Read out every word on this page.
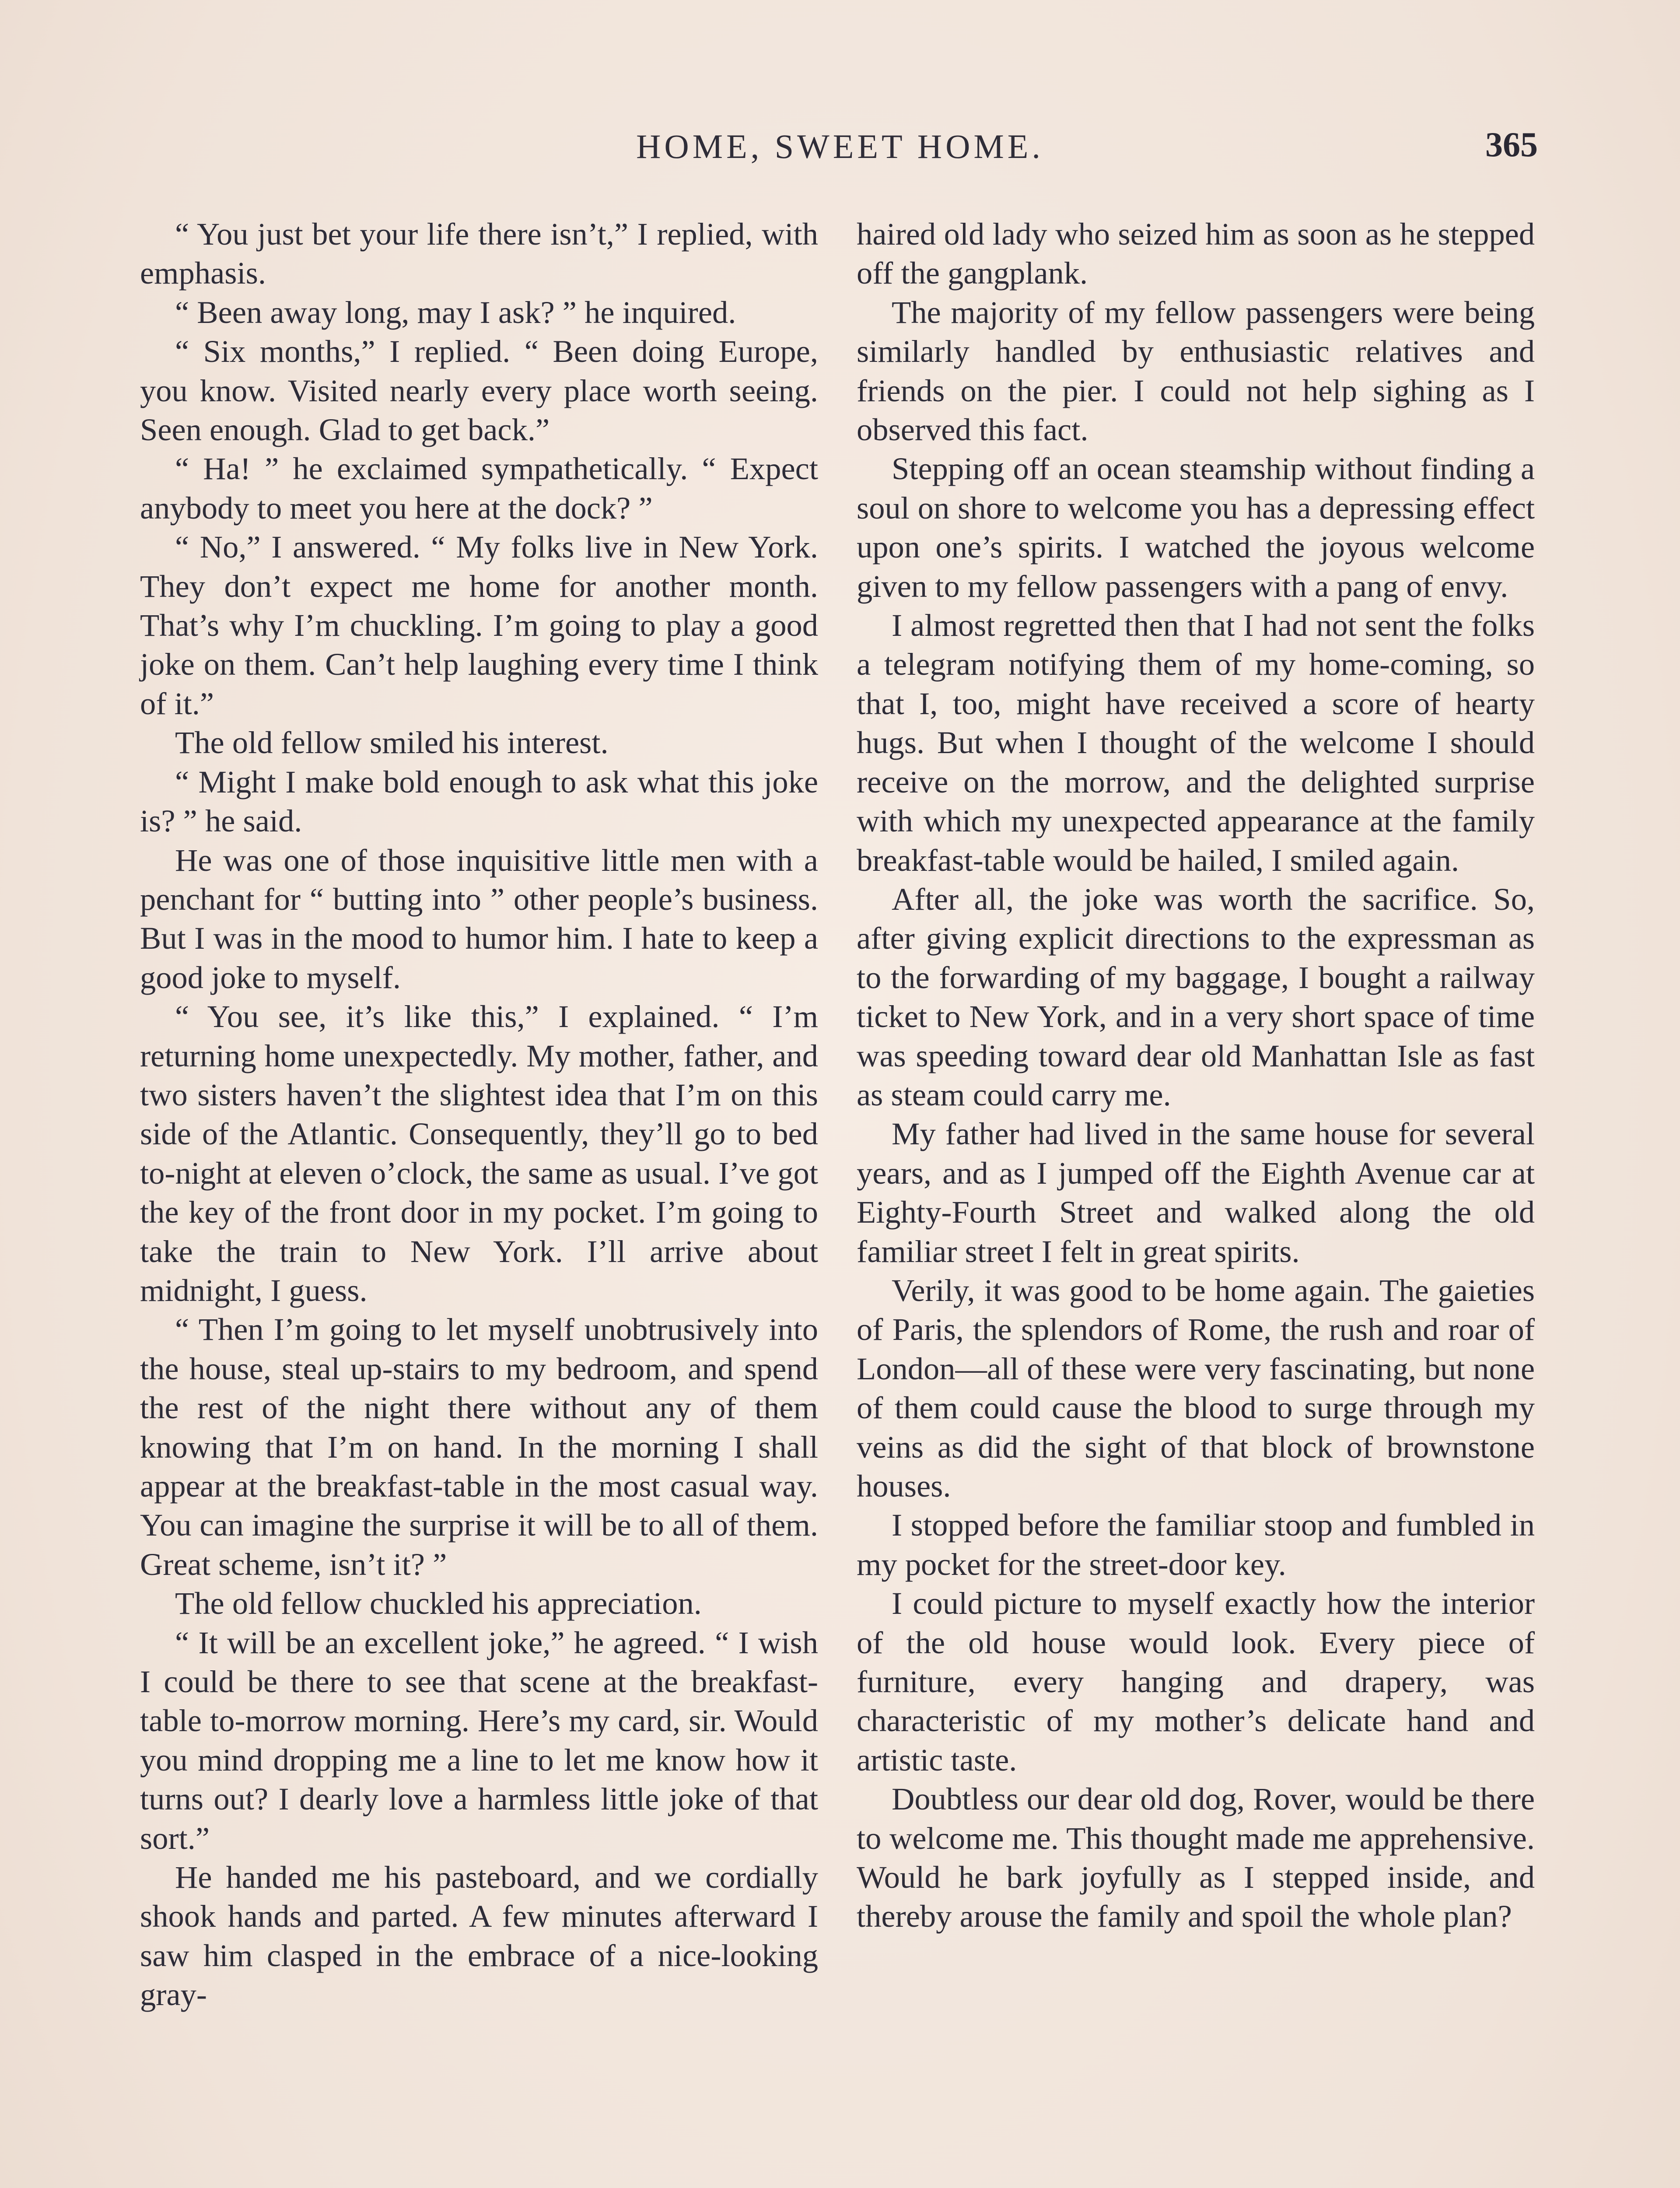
HOME, SWEET HOME.	365

“ You just bet your life there isn’t,” I replied, with emphasis.

“ Been away long, may I ask? ” he inquired.

“ Six months,” I replied. “ Been doing Europe, you know. Visited nearly every place worth seeing. Seen enough. Glad to get back.”

“ Ha! ” he exclaimed sympathetically. “ Expect anybody to meet you here at the dock? ”

“ No,” I answered. “ My folks live in New York. They don’t expect me home for another month. That’s why I’m chuckling. I’m going to play a good joke on them. Can’t help laughing every time I think of it.”

The old fellow smiled his interest.

“ Might I make bold enough to ask what this joke is? ” he said.

He was one of those inquisitive little men with a penchant for “ butting into ” other people’s business. But I was in the mood to humor him. I hate to keep a good joke to myself.

“ You see, it’s like this,” I explained. “ I’m returning home unexpectedly. My mother, father, and two sisters haven’t the slightest idea that I’m on this side of the Atlantic. Consequently, they’ll go to bed to-night at eleven o’clock, the same as usual. I’ve got the key of the front door in my pocket. I’m going to take the train to New York. I’ll arrive about midnight, I guess.

“ Then I’m going to let myself unobtrusively into the house, steal up-stairs to my bedroom, and spend the rest of the night there without any of them knowing that I’m on hand. In the morning I shall appear at the breakfast-table in the most casual way. You can imagine the surprise it will be to all of them. Great scheme, isn’t it? ”

The old fellow chuckled his appreciation.

“ It will be an excellent joke,” he agreed. “ I wish I could be there to see that scene at the breakfast-table to-morrow morning. Here’s my card, sir. Would you mind dropping me a line to let me know how it turns out? I dearly love a harmless little joke of that sort.”

He handed me his pasteboard, and we cordially shook hands and parted. A few minutes afterward I saw him clasped in the embrace of a nice-looking gray-

haired old lady who seized him as soon as he stepped off the gangplank.

The majority of my fellow passengers were being similarly handled by enthusiastic relatives and friends on the pier. I could not help sighing as I observed this fact.

Stepping off an ocean steamship without finding a soul on shore to welcome you has a depressing effect upon one’s spirits. I watched the joyous welcome given to my fellow passengers with a pang of envy.

I almost regretted then that I had not sent the folks a telegram notifying them of my home-coming, so that I, too, might have received a score of hearty hugs. But when I thought of the welcome I should receive on the morrow, and the delighted surprise with which my unexpected appearance at the family breakfast-table would be hailed, I smiled again.

After all, the joke was worth the sacrifice. So, after giving explicit directions to the expressman as to the forwarding of my baggage, I bought a railway ticket to New York, and in a very short space of time was speeding toward dear old Manhattan Isle as fast as steam could carry me.

My father had lived in the same house for several years, and as I jumped off the Eighth Avenue car at Eighty-Fourth Street and walked along the old familiar street I felt in great spirits.

Verily, it was good to be home again. The gaieties of Paris, the splendors of Rome, the rush and roar of London—all of these were very fascinating, but none of them could cause the blood to surge through my veins as did the sight of that block of brownstone houses.

I stopped before the familiar stoop and fumbled in my pocket for the street-door key.

I could picture to myself exactly how the interior of the old house would look. Every piece of furniture, every hanging and drapery, was characteristic of my mother’s delicate hand and artistic taste.

Doubtless our dear old dog, Rover, would be there to welcome me. This thought made me apprehensive. Would he bark joyfully as I stepped inside, and thereby arouse the family and spoil the whole plan?
